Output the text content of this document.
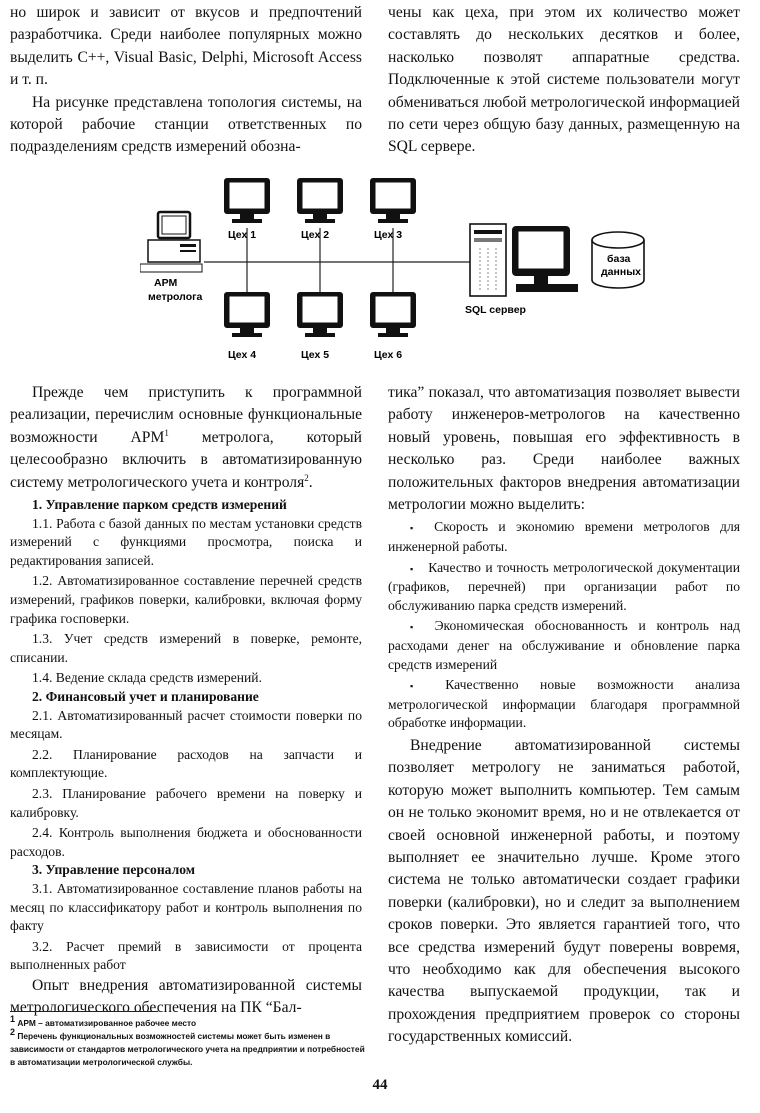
но широк и зависит от вкусов и предпочтений разработчика. Среди наиболее популярных можно выделить C++, Visual Basic, Delphi, Microsoft Access и т. п.

На рисунке представлена топология системы, на которой рабочие станции ответственных по подразделениям средств измерений обозна-

чены как цеха, при этом их количество может составлять до нескольких десятков и более, насколько позволят аппаратные средства. Подключенные к этой системе пользователи могут обмениваться любой метрологической информацией по сети через общую базу данных, размещенную на SQL сервере.

Цех 1	Цех 2	Цех 3
Цех 4	Цех 5	Цех 6
АРМ
метролога
SQL сервер
база
данных

Прежде чем приступить к программной реализации, перечислим основные функциональные возможности АРМ$^1$ метролога, который целесообразно включить в автоматизированную систему метрологического учета и контроля$^2$.

1. Управление парком средств измерений

1.1. Работа с базой данных по местам установки средств измерений с функциями просмотра, поиска и редактирования записей.

1.2. Автоматизированное составление перечней средств измерений, графиков поверки, калибровки, включая форму графика госповерки.

1.3. Учет средств измерений в поверке, ремонте, списании.

1.4. Ведение склада средств измерений.

2. Финансовый учет и планирование

2.1. Автоматизированный расчет стоимости поверки по месяцам.

2.2. Планирование расходов на запчасти и комплектующие.

2.3. Планирование рабочего времени на поверку и калибровку.

2.4. Контроль выполнения бюджета и обоснованности расходов.

3. Управление персоналом

3.1. Автоматизированное составление планов работы на месяц по классификатору работ и контроль выполнения по факту

3.2. Расчет премий в зависимости от процента выполненных работ

Опыт внедрения автоматизированной системы метрологического обеспечения на ПК “Бал-

тика” показал, что автоматизация позволяет вывести работу инженеров-метрологов на качественно новый уровень, повышая его эффективность в несколько раз. Среди наиболее важных положительных факторов внедрения автоматизации метрологии можно выделить:

▪ Скорость и экономию времени метрологов для инженерной работы.

▪ Качество и точность метрологической документации (графиков, перечней) при организации работ по обслуживанию парка средств измерений.

▪ Экономическая обоснованность и контроль над расходами денег на обслуживание и обновление парка средств измерений

▪ Качественно новые возможности анализа метрологической информации благодаря программной обработке информации.

Внедрение автоматизированной системы позволяет метрологу не заниматься работой, которую может выполнить компьютер. Тем самым он не только экономит время, но и не отвлекается от своей основной инженерной работы, и поэтому выполняет ее значительно лучше. Кроме этого система не только автоматически создает графики поверки (калибровки), но и следит за выполнением сроков поверки. Это является гарантией того, что все средства измерений будут поверены вовремя, что необходимо как для обеспечения высокого качества выпускаемой продукции, так и прохождения предприятием проверок со стороны государственных комиссий.

$^1$ АРМ – автоматизированное рабочее место
$^2$ Перечень функциональных возможностей системы может быть изменен в зависимости от стандартов метрологического учета на предприятии и потребностей в автоматизации метрологической службы.
44
